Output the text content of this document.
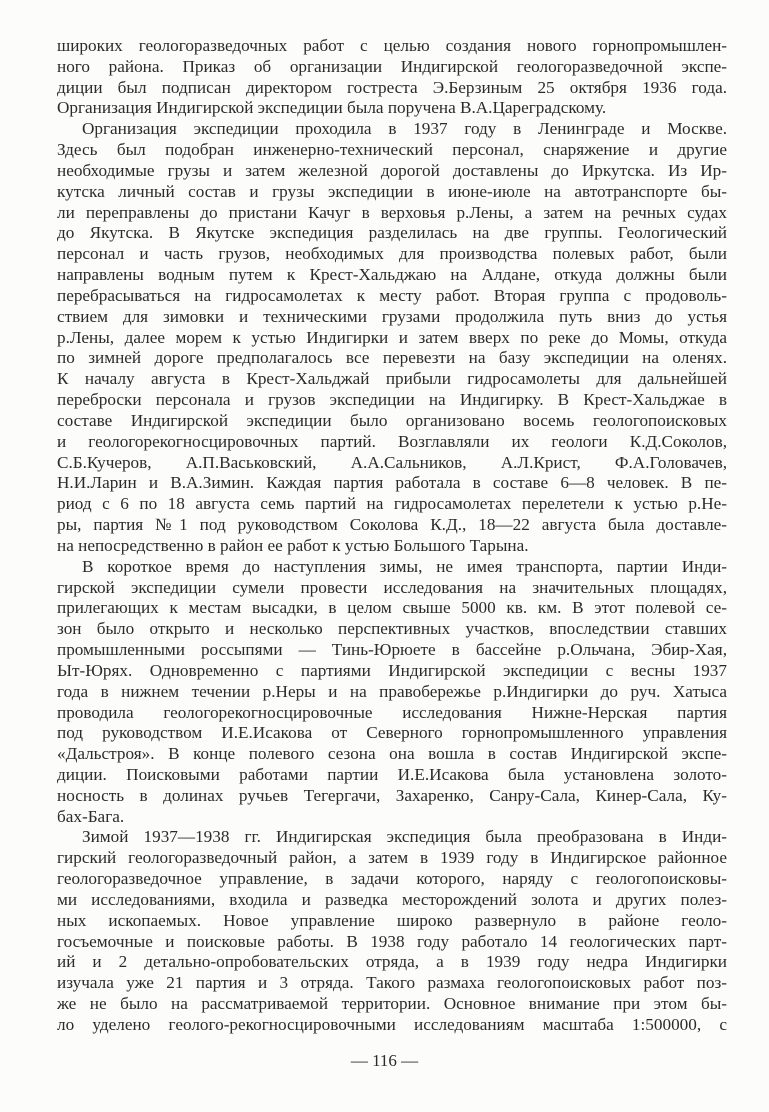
широких геологоразведочных работ с целью создания нового горнопромышлен-
ного района. Приказ об организации Индигирской геологоразведочной экспе-
диции был подписан директором гостреста Э.Берзиным 25 октября 1936 года.
Организация Индигирской экспедиции была поручена В.А.Цареградскому.
Организация экспедиции проходила в 1937 году в Ленинграде и Москве.
Здесь был подобран инженерно-технический персонал, снаряжение и другие
необходимые грузы и затем железной дорогой доставлены до Иркутска. Из Ир-
кутска личный состав и грузы экспедиции в июне-июле на автотранспорте бы-
ли переправлены до пристани Качуг в верховья р.Лены, а затем на речных судах
до Якутска. В Якутске экспедиция разделилась на две группы. Геологический
персонал и часть грузов, необходимых для производства полевых работ, были
направлены водным путем к Крест-Хальджаю на Алдане, откуда должны были
перебрасываться на гидросамолетах к месту работ. Вторая группа с продоволь-
ствием для зимовки и техническими грузами продолжила путь вниз до устья
р.Лены, далее морем к устью Индигирки и затем вверх по реке до Момы, откуда
по зимней дороге предполагалось все перевезти на базу экспедиции на оленях.
К началу августа в Крест-Хальджай прибыли гидросамолеты для дальнейшей
переброски персонала и грузов экспедиции на Индигирку. В Крест-Хальджае в
составе Индигирской экспедиции было организовано восемь геологопоисковых
и геологорекогносцировочных партий. Возглавляли их геологи К.Д.Соколов,
С.Б.Кучеров, А.П.Васьковский, А.А.Сальников, А.Л.Крист, Ф.А.Головачев,
Н.И.Ларин и В.А.Зимин. Каждая партия работала в составе 6—8 человек. В пе-
риод с 6 по 18 августа семь партий на гидросамолетах перелетели к устью р.Не-
ры, партия №1 под руководством Соколова К.Д., 18—22 августа была доставле-
на непосредственно в район ее работ к устью Большого Тарына.
В короткое время до наступления зимы, не имея транспорта, партии Инди-
гирской экспедиции сумели провести исследования на значительных площадях,
прилегающих к местам высадки, в целом свыше 5000 кв. км. В этот полевой се-
зон было открыто и несколько перспективных участков, впоследствии ставших
промышленными россыпями — Тинь-Юрюете в бассейне р.Ольчана, Эбир-Хая,
Ыт-Юрях. Одновременно с партиями Индигирской экспедиции с весны 1937
года в нижнем течении р.Неры и на правобережье р.Индигирки до руч. Хатыса
проводила геологорекогносцировочные исследования Нижне-Нерская партия
под руководством И.Е.Исакова от Северного горнопромышленного управления
«Дальстроя». В конце полевого сезона она вошла в состав Индигирской экспе-
диции. Поисковыми работами партии И.Е.Исакова была установлена золото-
носность в долинах ручьев Тегергачи, Захаренко, Санру-Сала, Кинер-Сала, Ку-
бах-Бага.
Зимой 1937—1938 гг. Индигирская экспедиция была преобразована в Инди-
гирский геологоразведочный район, а затем в 1939 году в Индигирское районное
геологоразведочное управление, в задачи которого, наряду с геологопоисковы-
ми исследованиями, входила и разведка месторождений золота и других полез-
ных ископаемых. Новое управление широко развернуло в районе геоло-
госъемочные и поисковые работы. В 1938 году работало 14 геологических парт-
ий и 2 детально-опробовательских отряда, а в 1939 году недра Индигирки
изучала уже 21 партия и 3 отряда. Такого размаха геологопоисковых работ поз-
же не было на рассматриваемой территории. Основное внимание при этом бы-
ло уделено геолого-рекогносцировочными исследованиям масштаба 1:500000, с
— 116 —
